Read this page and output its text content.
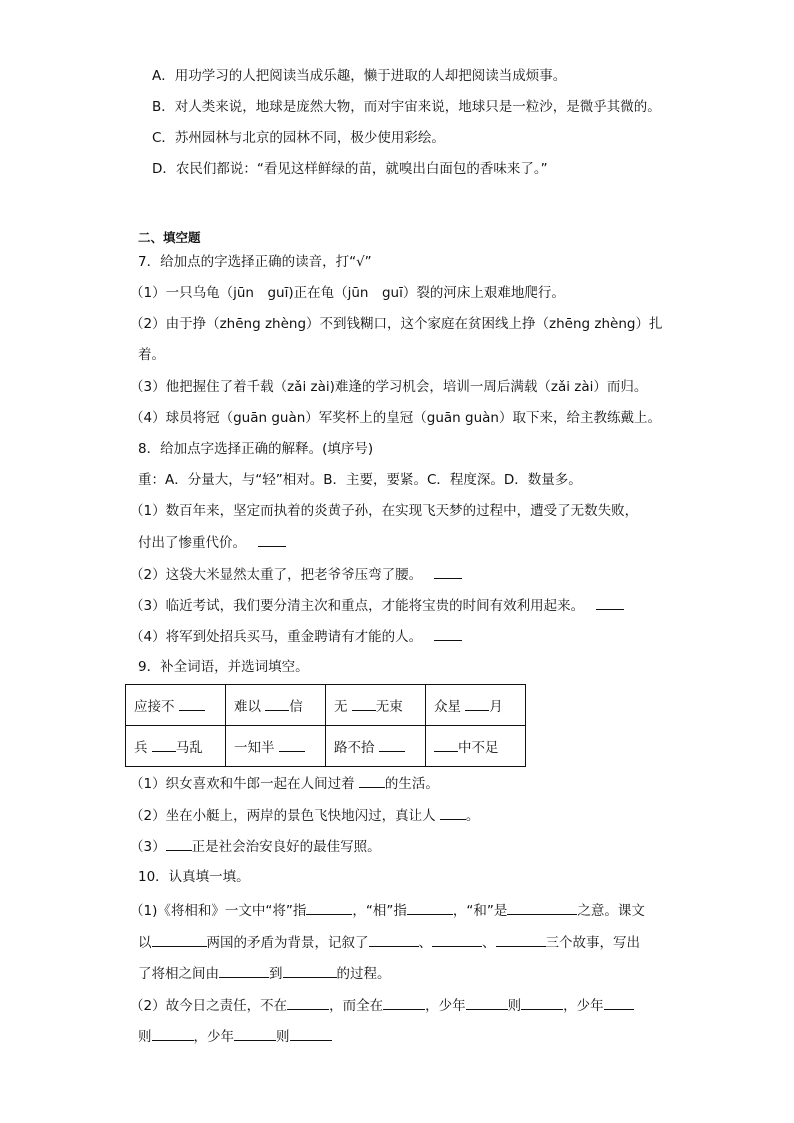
A．用功学习的人把阅读当成乐趣，懒于进取的人却把阅读当成烦事。
B．对人类来说，地球是庞然大物，而对宇宙来说，地球只是一粒沙，是微乎其微的。
C．苏州园林与北京的园林不同，极少使用彩绘。
D．农民们都说：“看见这样鲜绿的苗，就嗅出白面包的香味来了。”
二、填空题
7．给加点的字选择正确的读音，打“√”
（1）一只乌龟（jūn　guī)正在龟（jūn　guī）裂的河床上艰难地爬行。
（2）由于挣（zhēng zhèng）不到钱糊口，这个家庭在贫困线上挣（zhēng zhèng）扎
着。
（3）他把握住了着千载（zǎi zài)难逢的学习机会，培训一周后满载（zǎi zài）而归。
（4）球员将冠（guān guàn）军奖杯上的皇冠（guān guàn）取下来，给主教练戴上。
8．给加点字选择正确的解释。(填序号)
重：A．分量大，与“轻”相对。B．主要，要紧。C．程度深。D．数量多。
（1）数百年来，坚定而执着的炎黄子孙，在实现飞天梦的过程中，遭受了无数失败，
付出了惨重代价。
（2）这袋大米显然太重了，把老爷爷压弯了腰。
（3）临近考试，我们要分清主次和重点，才能将宝贵的时间有效利用起来。
（4）将军到处招兵买马，重金聘请有才能的人。
9．补全词语，并选词填空。
应接不	难以 信	无 无束	众星 月
兵 马乱	一知半	路不拾	中不足
（1）织女喜欢和牛郎一起在人间过着 的生活。
（2）坐在小艇上，两岸的景色飞快地闪过，真让人 。
（3） 正是社会治安良好的最佳写照。
10．认真填一填。
（1)《将相和》一文中“将”指	，“相”指	，“和”是	之意。课文
以	两国的矛盾为背景，记叙了	、	、	三个故事，写出
了将相之间由	到	的过程。
（2）故今日之责任，不在	，而全在	，少年	则	，少年
则	，少年	则
